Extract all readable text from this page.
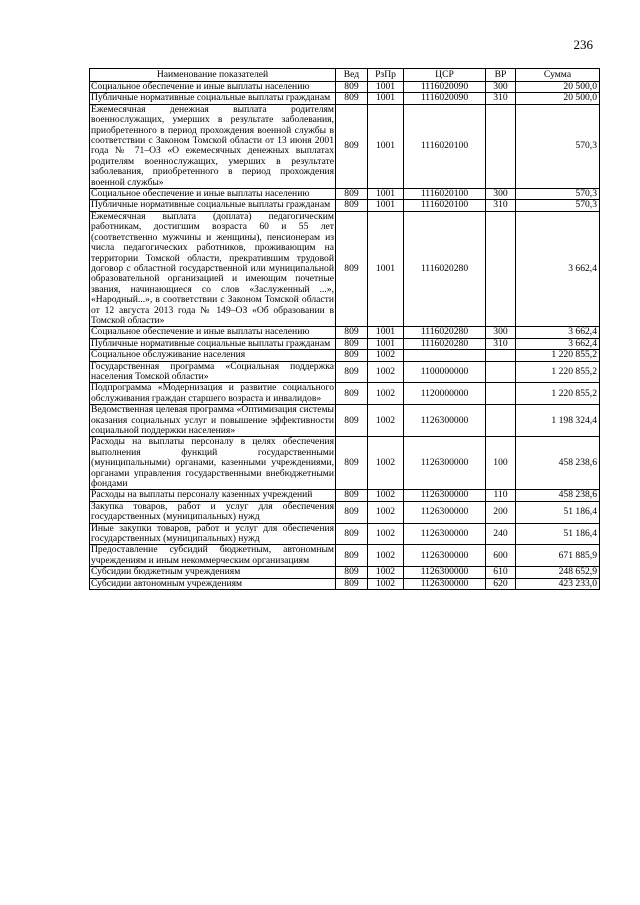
236
Наименование показателей	Вед	РзПр	ЦСР	ВР	Сумма
Социальное обеспечение и иные выплаты населению	809	1001	1116020090	300	20 500,0
Публичные нормативные социальные выплаты гражданам	809	1001	1116020090	310	20 500,0
Ежемесячная денежная выплата родителям военнослужащих, умерших в результате заболевания, приобретенного в период прохождения военной службы в соответствии с Законом Томской области от 13 июня 2001 года № 71–ОЗ «О ежемесячных денежных выплатах родителям военнослужащих, умерших в результате заболевания, приобретенного в период прохождения военной службы»	809	1001	1116020100		570,3
Социальное обеспечение и иные выплаты населению	809	1001	1116020100	300	570,3
Публичные нормативные социальные выплаты гражданам	809	1001	1116020100	310	570,3
Ежемесячная выплата (доплата) педагогическим работникам, достигшим возраста 60 и 55 лет (соответственно мужчины и женщины), пенсионерам из числа педагогических работников, проживающим на территории Томской области, прекратившим трудовой договор с областной государственной или муниципальной образовательной организацией и имеющим почетные звания, начинающиеся со слов «Заслуженный ...», «Народный...», в соответствии с Законом Томской области от 12 августа 2013 года № 149–ОЗ «Об образовании в Томской области»	809	1001	1116020280		3 662,4
Социальное обеспечение и иные выплаты населению	809	1001	1116020280	300	3 662,4
Публичные нормативные социальные выплаты гражданам	809	1001	1116020280	310	3 662,4
Социальное обслуживание населения	809	1002			1 220 855,2
Государственная программа «Социальная поддержка населения Томской области»	809	1002	1100000000		1 220 855,2
Подпрограмма «Модернизация и развитие социального обслуживания граждан старшего возраста и инвалидов»	809	1002	1120000000		1 220 855,2
Ведомственная целевая программа «Оптимизация системы оказания социальных услуг и повышение эффективности социальной поддержки населения»	809	1002	1126300000		1 198 324,4
Расходы на выплаты персоналу в целях обеспечения выполнения функций государственными (муниципальными) органами, казенными учреждениями, органами управления государственными внебюджетными фондами	809	1002	1126300000	100	458 238,6
Расходы на выплаты персоналу казенных учреждений	809	1002	1126300000	110	458 238,6
Закупка товаров, работ и услуг для обеспечения государственных (муниципальных) нужд	809	1002	1126300000	200	51 186,4
Иные закупки товаров, работ и услуг для обеспечения государственных (муниципальных) нужд	809	1002	1126300000	240	51 186,4
Предоставление субсидий бюджетным, автономным учреждениям и иным некоммерческим организациям	809	1002	1126300000	600	671 885,9
Субсидии бюджетным учреждениям	809	1002	1126300000	610	248 652,9
Субсидии автономным учреждениям	809	1002	1126300000	620	423 233,0
